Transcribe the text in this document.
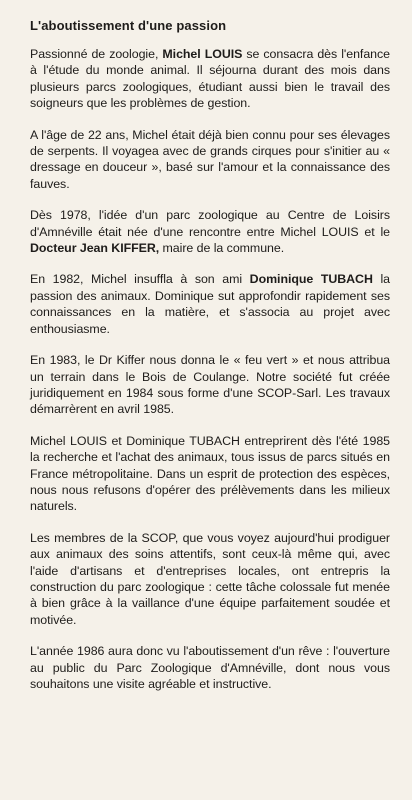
L'aboutissement d'une passion

Passionné de zoologie, Michel LOUIS se consacra dès l'enfance à l'étude du monde animal. Il séjourna durant des mois dans plusieurs parcs zoologiques, étudiant aussi bien le travail des soigneurs que les problèmes de gestion.

A l'âge de 22 ans, Michel était déjà bien connu pour ses élevages de serpents. Il voyagea avec de grands cirques pour s'initier au « dressage en douceur », basé sur l'amour et la connaissance des fauves.

Dès 1978, l'idée d'un parc zoologique au Centre de Loisirs d'Amnéville était née d'une rencontre entre Michel LOUIS et le Docteur Jean KIFFER, maire de la commune.

En 1982, Michel insuffla à son ami Dominique TUBACH la passion des animaux. Dominique sut approfondir rapidement ses connaissances en la matière, et s'associa au projet avec enthousiasme.

En 1983, le Dr Kiffer nous donna le « feu vert » et nous attribua un terrain dans le Bois de Coulange. Notre société fut créée juridiquement en 1984 sous forme d'une SCOP-Sarl. Les travaux démarrèrent en avril 1985.

Michel LOUIS et Dominique TUBACH entreprirent dès l'été 1985 la recherche et l'achat des animaux, tous issus de parcs situés en France métropolitaine. Dans un esprit de protection des espèces, nous nous refusons d'opérer des prélèvements dans les milieux naturels.

Les membres de la SCOP, que vous voyez aujourd'hui prodiguer aux animaux des soins attentifs, sont ceux-là même qui, avec l'aide d'artisans et d'entreprises locales, ont entrepris la construction du parc zoologique : cette tâche colossale fut menée à bien grâce à la vaillance d'une équipe parfaitement soudée et motivée.

L'année 1986 aura donc vu l'aboutissement d'un rêve : l'ouverture au public du Parc Zoologique d'Amnéville, dont nous vous souhaitons une visite agréable et instructive.
